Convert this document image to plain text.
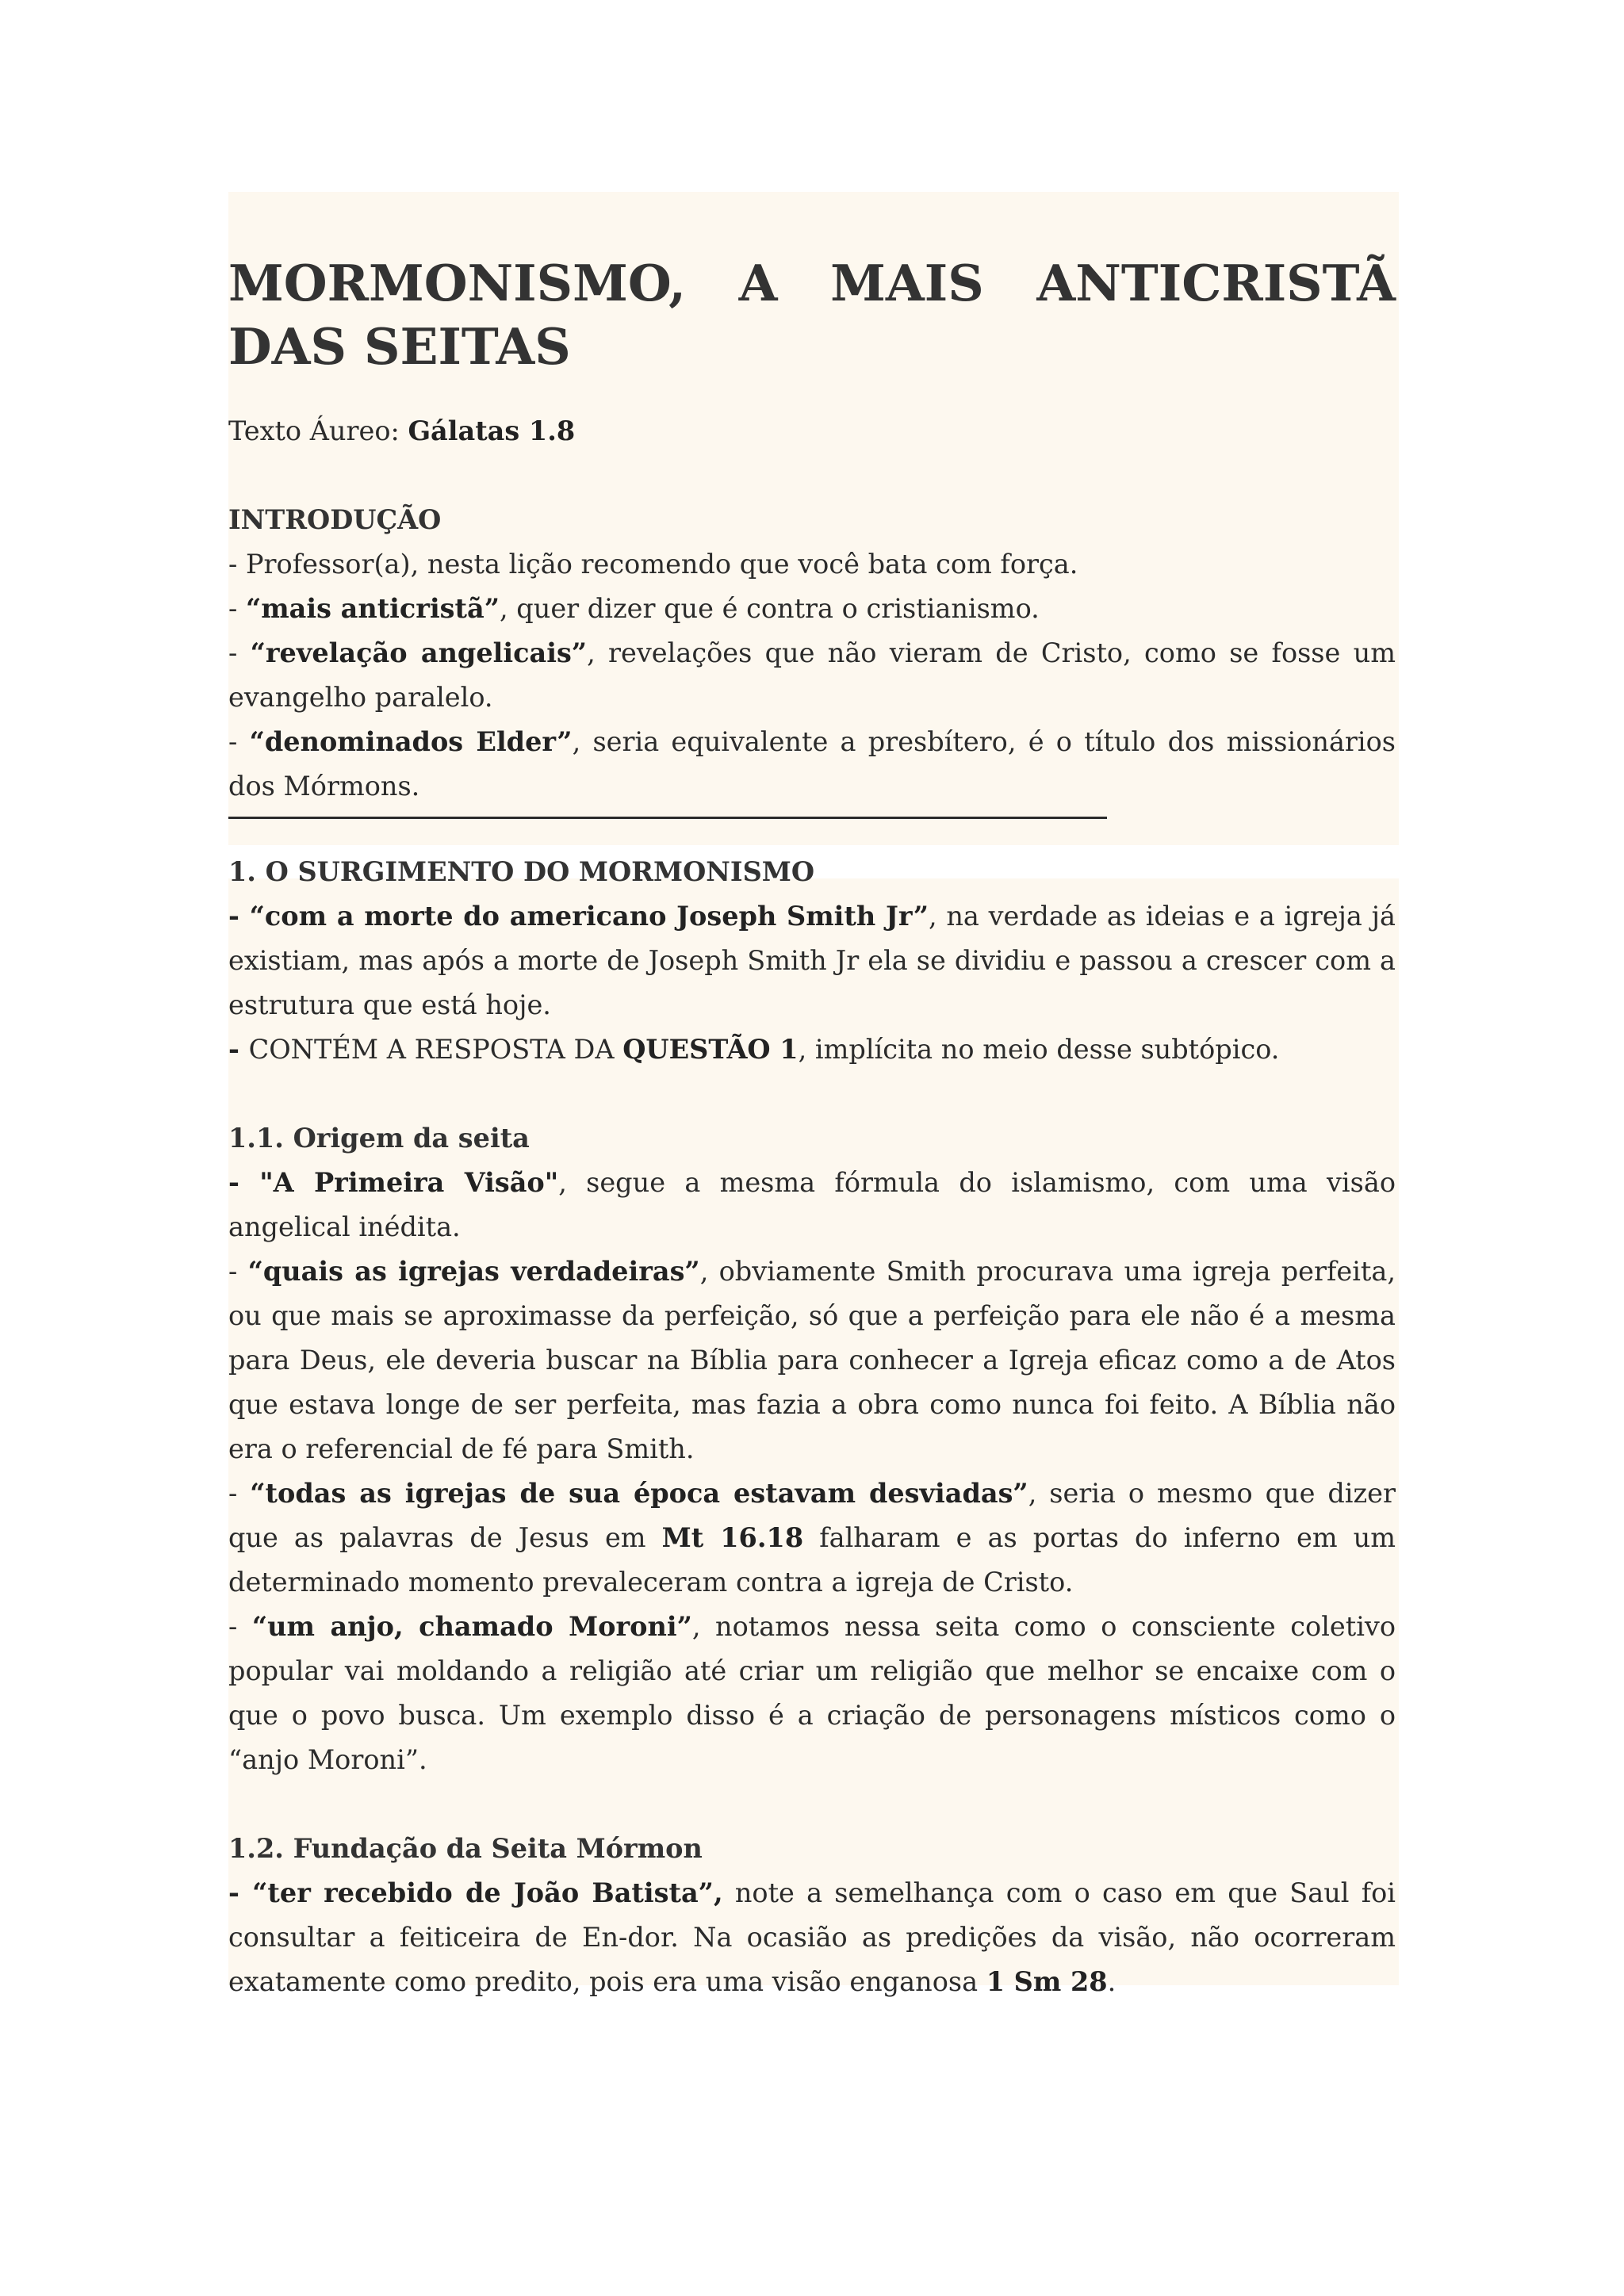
MORMONISMO, A MAIS ANTICRISTÃ DAS SEITAS

Texto Áureo: Gálatas 1.8

INTRODUÇÃO

- Professor(a), nesta lição recomendo que você bata com força.

- “mais anticristã”, quer dizer que é contra o cristianismo.

- “revelação angelicais”, revelações que não vieram de Cristo, como se fosse um evangelho paralelo.

- “denominados Elder”, seria equivalente a presbítero, é o título dos missionários dos Mórmons.

1. O SURGIMENTO DO MORMONISMO

- “com a morte do americano Joseph Smith Jr”, na verdade as ideias e a igreja já existiam, mas após a morte de Joseph Smith Jr ela se dividiu e passou a crescer com a estrutura que está hoje.

- CONTÉM A RESPOSTA DA QUESTÃO 1, implícita no meio desse subtópico.

1.1. Origem da seita

- "A Primeira Visão", segue a mesma fórmula do islamismo, com uma visão angelical inédita.

- “quais as igrejas verdadeiras”, obviamente Smith procurava uma igreja perfeita, ou que mais se aproximasse da perfeição, só que a perfeição para ele não é a mesma para Deus, ele deveria buscar na Bíblia para conhecer a Igreja eficaz como a de Atos que estava longe de ser perfeita, mas fazia a obra como nunca foi feito. A Bíblia não era o referencial de fé para Smith.

- “todas as igrejas de sua época estavam desviadas”, seria o mesmo que dizer que as palavras de Jesus em Mt 16.18 falharam e as portas do inferno em um determinado momento prevaleceram contra a igreja de Cristo.

- “um anjo, chamado Moroni”, notamos nessa seita como o consciente coletivo popular vai moldando a religião até criar um religião que melhor se encaixe com o que o povo busca. Um exemplo disso é a criação de personagens místicos como o “anjo Moroni”.

1.2. Fundação da Seita Mórmon

- “ter recebido de João Batista”, note a semelhança com o caso em que Saul foi consultar a feiticeira de En-dor. Na ocasião as predições da visão, não ocorreram exatamente como predito, pois era uma visão enganosa 1 Sm 28.
